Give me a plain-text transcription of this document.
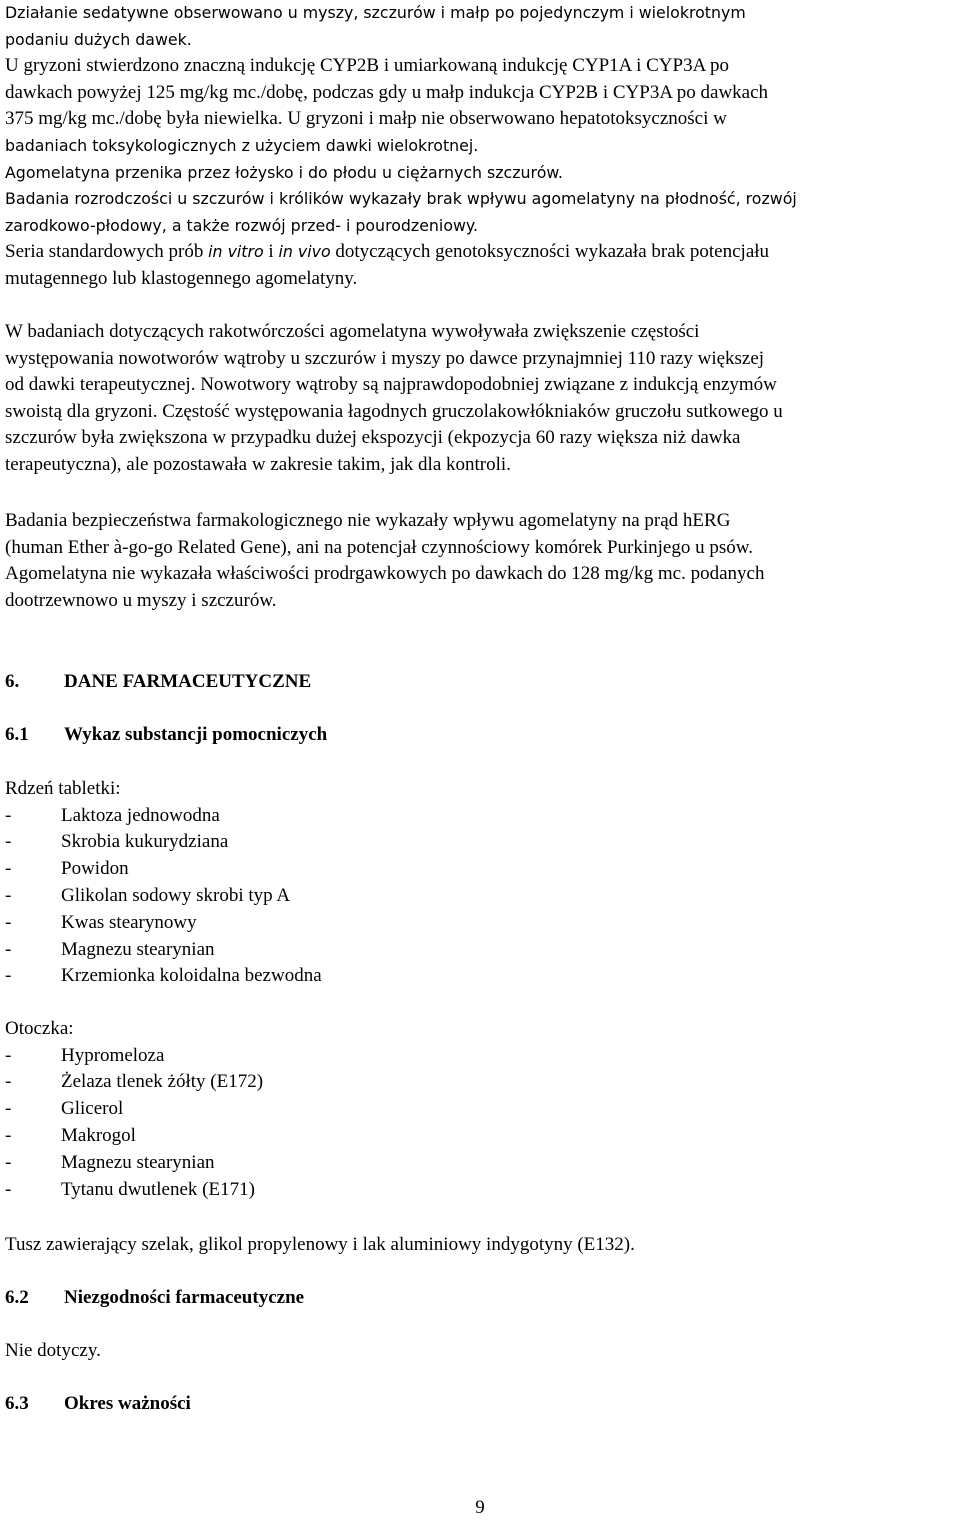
Działanie sedatywne obserwowano u myszy, szczurów i małp po pojedynczym i wielokrotnym

podaniu dużych dawek.

U gryzoni stwierdzono znaczną indukcję CYP2B i umiarkowaną indukcję CYP1A i CYP3A po

dawkach powyżej 125 mg/kg mc./dobę, podczas gdy u małp indukcja CYP2B i CYP3A po dawkach

375 mg/kg mc./dobę była niewielka. U gryzoni i małp nie obserwowano hepatotoksyczności w

badaniach toksykologicznych z użyciem dawki wielokrotnej.

Agomelatyna przenika przez łożysko i do płodu u ciężarnych szczurów.

Badania rozrodczości u szczurów i królików wykazały brak wpływu agomelatyny na płodność, rozwój

zarodkowo-płodowy, a także rozwój przed- i pourodzeniowy.

Seria standardowych prób in vitro i in vivo dotyczących genotoksyczności wykazała brak potencjału

mutagennego lub klastogennego agomelatyny.

W badaniach dotyczących rakotwórczości agomelatyna wywoływała zwiększenie częstości

występowania nowotworów wątroby u szczurów i myszy po dawce przynajmniej 110 razy większej

od dawki terapeutycznej. Nowotwory wątroby są najprawdopodobniej związane z indukcją enzymów

swoistą dla gryzoni. Częstość występowania łagodnych gruczolakowłókniaków gruczołu sutkowego u

szczurów była zwiększona w przypadku dużej ekspozycji (ekpozycja 60 razy większa niż dawka

terapeutyczna), ale pozostawała w zakresie takim, jak dla kontroli.

Badania bezpieczeństwa farmakologicznego nie wykazały wpływu agomelatyny na prąd hERG

(human Ether à-go-go Related Gene), ani na potencjał czynnościowy komórek Purkinjego u psów.

Agomelatyna nie wykazała właściwości prodrgawkowych po dawkach do 128 mg/kg mc. podanych

dootrzewnowo u myszy i szczurów.

6. DANE FARMACEUTYCZNE

6.1 Wykaz substancji pomocniczych

Rdzeń tabletki:

-	Laktoza jednowodna
-	Skrobia kukurydziana
-	Powidon
-	Glikolan sodowy skrobi typ A
-	Kwas stearynowy
-	Magnezu stearynian
-	Krzemionka koloidalna bezwodna

Otoczka:

-	Hypromeloza
-	Żelaza tlenek żółty (E172)
-	Glicerol
-	Makrogol
-	Magnezu stearynian
-	Tytanu dwutlenek (E171)

Tusz zawierający szelak, glikol propylenowy i lak aluminiowy indygotyny (E132).

6.2 Niezgodności farmaceutyczne

Nie dotyczy.

6.3 Okres ważności

9
